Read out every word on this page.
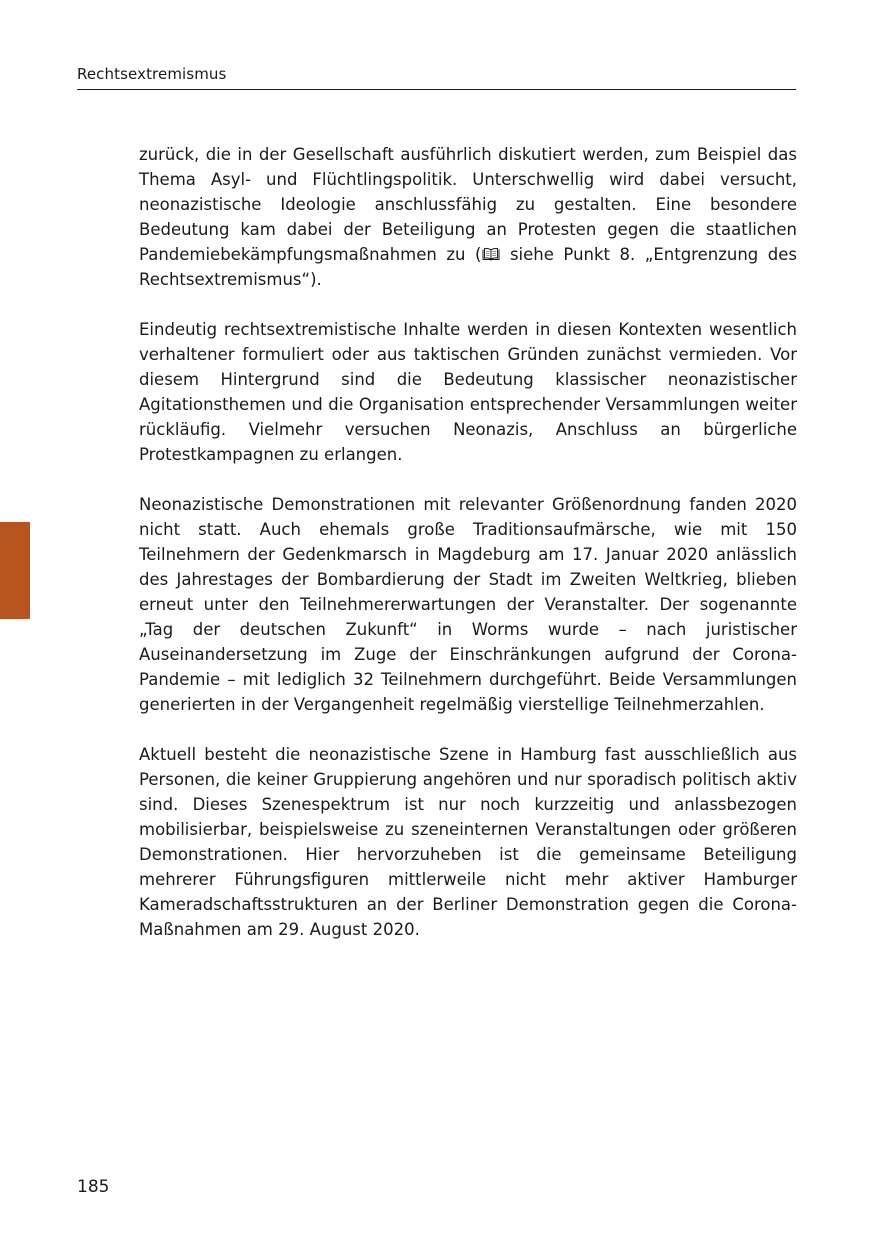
Rechtsextremismus

zurück, die in der Gesellschaft ausführlich diskutiert werden, zum Beispiel das Thema Asyl- und Flüchtlingspolitik. Unterschwellig wird dabei versucht, neonazistische Ideologie anschlussfähig zu gestalten. Eine besondere Bedeutung kam dabei der Beteiligung an Protesten gegen die staatlichen Pandemiebekämpfungsmaßnahmen zu ( siehe Punkt 8. „Entgrenzung des Rechtsextremismus“).

Eindeutig rechtsextremistische Inhalte werden in diesen Kontexten wesentlich verhaltener formuliert oder aus taktischen Gründen zunächst vermieden. Vor diesem Hintergrund sind die Bedeutung klassischer neonazistischer Agitationsthemen und die Organisation entsprechender Versammlungen weiter rückläufig. Vielmehr versuchen Neonazis, Anschluss an bürgerliche Protestkampagnen zu erlangen.

Neonazistische Demonstrationen mit relevanter Größenordnung fanden 2020 nicht statt. Auch ehemals große Traditionsaufmärsche, wie mit 150 Teilnehmern der Gedenkmarsch in Magdeburg am 17. Januar 2020 anlässlich des Jahrestages der Bombardierung der Stadt im Zweiten Weltkrieg, blieben erneut unter den Teilnehmererwartungen der Veranstalter. Der sogenannte „Tag der deutschen Zukunft“ in Worms wurde – nach juristischer Auseinandersetzung im Zuge der Einschränkungen aufgrund der Corona-Pandemie – mit lediglich 32 Teilnehmern durchgeführt. Beide Versammlungen generierten in der Vergangenheit regelmäßig vierstellige Teilnehmerzahlen.

Aktuell besteht die neonazistische Szene in Hamburg fast ausschließlich aus Personen, die keiner Gruppierung angehören und nur sporadisch politisch aktiv sind. Dieses Szenespektrum ist nur noch kurzzeitig und anlassbezogen mobilisierbar, beispielsweise zu szeneinternen Veranstaltungen oder größeren Demonstrationen. Hier hervorzuheben ist die gemeinsame Beteiligung mehrerer Führungsfiguren mittlerweile nicht mehr aktiver Hamburger Kameradschaftsstrukturen an der Berliner Demonstration gegen die Corona-Maßnahmen am 29. August 2020.

185
